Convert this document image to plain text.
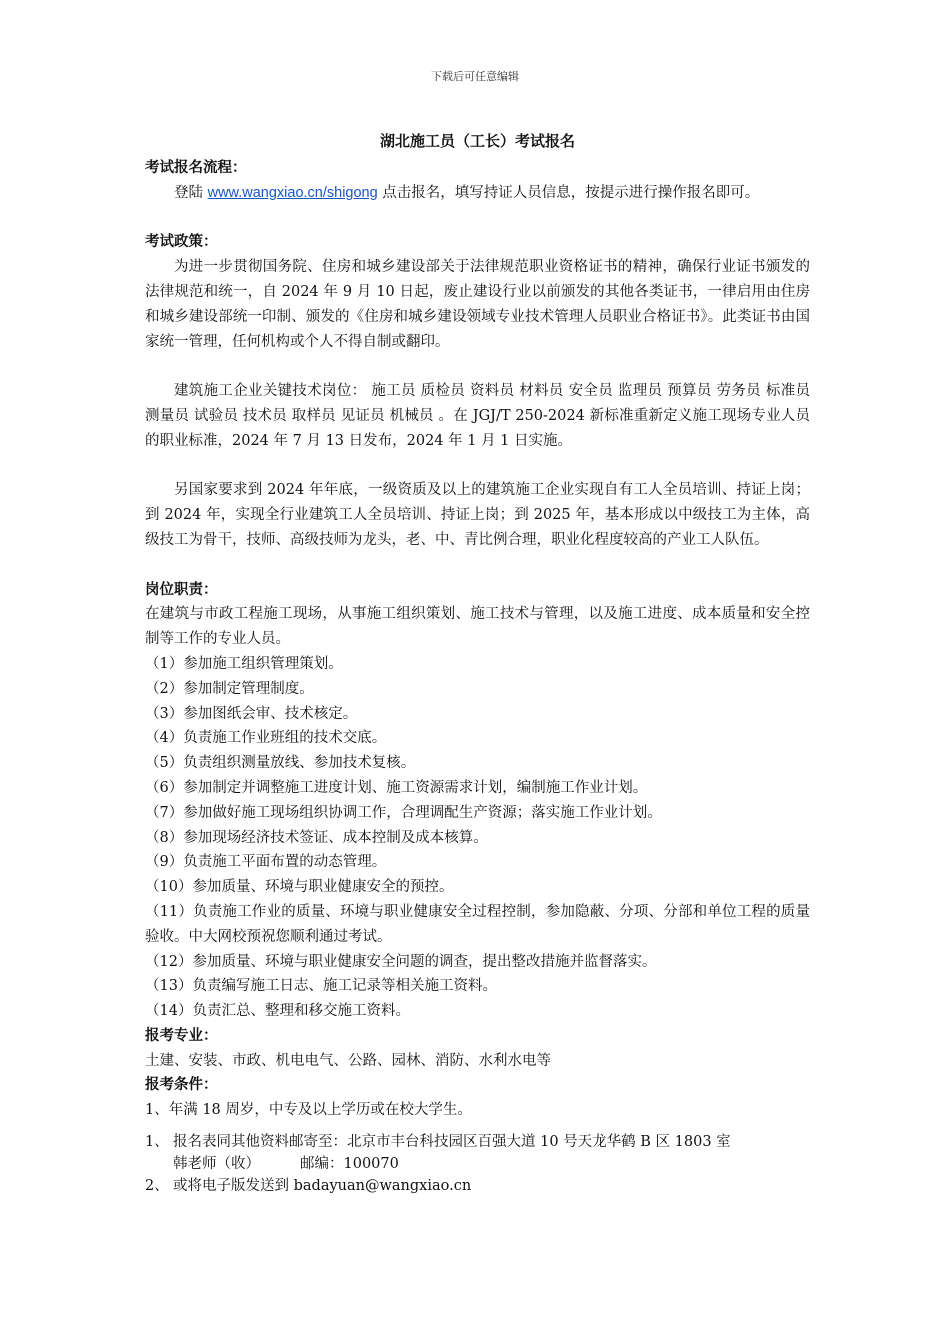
下载后可任意编辑
湖北施工员（工长）考试报名

考试报名流程：

登陆 www.wangxiao.cn/shigong 点击报名，填写持证人员信息，按提示进行操作报名即可。

考试政策：

为进一步贯彻国务院、住房和城乡建设部关于法律规范职业资格证书的精神，确保行业证书颁发的法律规范和统一，自 2024 年 9 月 10 日起，废止建设行业以前颁发的其他各类证书，一律启用由住房和城乡建设部统一印制、颁发的《住房和城乡建设领域专业技术管理人员职业合格证书》。此类证书由国家统一管理，任何机构或个人不得自制或翻印。

建筑施工企业关键技术岗位： 施工员 质检员 资料员 材料员 安全员 监理员 预算员 劳务员 标准员 测量员 试验员 技术员 取样员 见证员 机械员 。在 JGJ/T 250-2024 新标准重新定义施工现场专业人员的职业标准，2024 年 7 月 13 日发布，2024 年 1 月 1 日实施。

另国家要求到 2024 年年底，一级资质及以上的建筑施工企业实现自有工人全员培训、持证上岗；到 2024 年，实现全行业建筑工人全员培训、持证上岗；到 2025 年，基本形成以中级技工为主体，高级技工为骨干，技师、高级技师为龙头，老、中、青比例合理，职业化程度较高的产业工人队伍。

岗位职责：

在建筑与市政工程施工现场，从事施工组织策划、施工技术与管理，以及施工进度、成本质量和安全控制等工作的专业人员。

（1）参加施工组织管理策划。
（2）参加制定管理制度。
（3）参加图纸会审、技术核定。
（4）负责施工作业班组的技术交底。
（5）负责组织测量放线、参加技术复核。
（6）参加制定并调整施工进度计划、施工资源需求计划，编制施工作业计划。
（7）参加做好施工现场组织协调工作，合理调配生产资源；落实施工作业计划。
（8）参加现场经济技术签证、成本控制及成本核算。
（9）负责施工平面布置的动态管理。
（10）参加质量、环境与职业健康安全的预控。
（11）负责施工作业的质量、环境与职业健康安全过程控制，参加隐蔽、分项、分部和单位工程的质量验收。中大网校预祝您顺利通过考试。
（12）参加质量、环境与职业健康安全问题的调查，提出整改措施并监督落实。
（13）负责编写施工日志、施工记录等相关施工资料。
（14）负责汇总、整理和移交施工资料。

报考专业：

土建、安装、市政、机电电气、公路、园林、消防、水利水电等

报考条件：

1、年满 18 周岁，中专及以上学历或在校大学生。

1、 报名表同其他资料邮寄至：北京市丰台科技园区百强大道 10 号天龙华鹤 B 区 1803 室
韩老师（收）	邮编：100070
2、 或将电子版发送到 badayuan@wangxiao.cn
